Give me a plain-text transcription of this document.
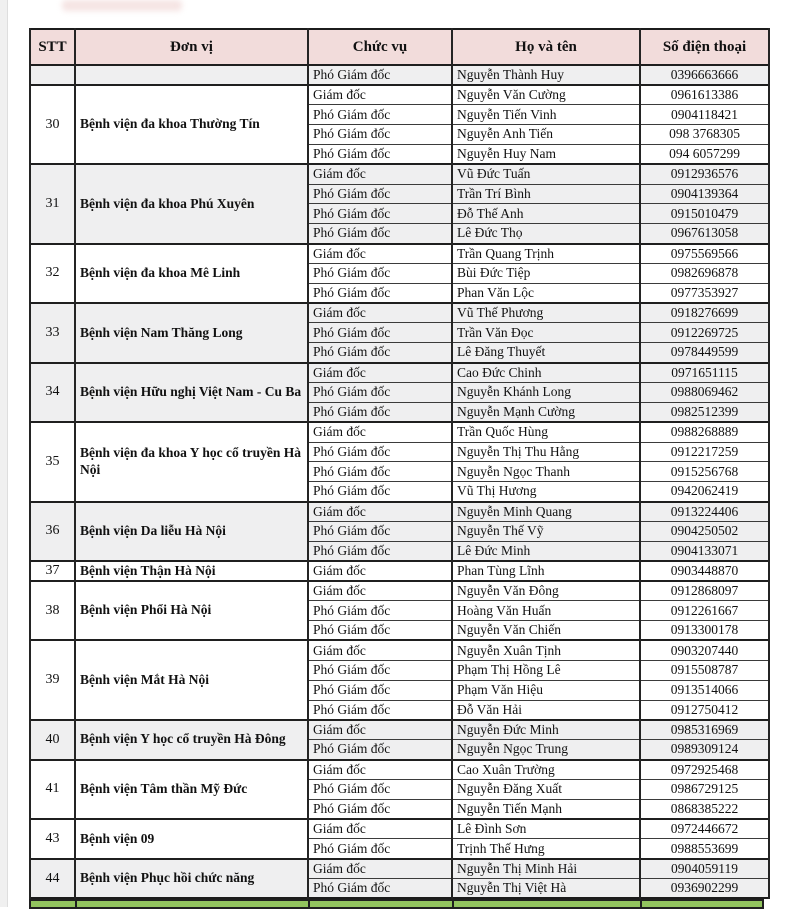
STT	Đơn vị	Chức vụ	Họ và tên	Số điện thoại
		Phó Giám đốc	Nguyễn Thành Huy	0396663666
30	Bệnh viện đa khoa Thường Tín	Giám đốc	Nguyễn Văn Cường	0961613386
		Phó Giám đốc	Nguyễn Tiến Vinh	0904118421
		Phó Giám đốc	Nguyễn Anh Tiến	098 3768305
		Phó Giám đốc	Nguyễn Huy Nam	094 6057299
31	Bệnh viện đa khoa Phú Xuyên	Giám đốc	Vũ Đức Tuấn	0912936576
		Phó Giám đốc	Trần Trí Bình	0904139364
		Phó Giám đốc	Đỗ Thế Anh	0915010479
		Phó Giám đốc	Lê Đức Thọ	0967613058
32	Bệnh viện đa khoa Mê Linh	Giám đốc	Trần Quang Trịnh	0975569566
		Phó Giám đốc	Bùi Đức Tiệp	0982696878
		Phó Giám đốc	Phan Văn Lộc	0977353927
33	Bệnh viện Nam Thăng Long	Giám đốc	Vũ Thế Phương	0918276699
		Phó Giám đốc	Trần Văn Đọc	0912269725
		Phó Giám đốc	Lê Đăng Thuyết	0978449599
34	Bệnh viện Hữu nghị Việt Nam - Cu Ba	Giám đốc	Cao Đức Chinh	0971651115
		Phó Giám đốc	Nguyễn Khánh Long	0988069462
		Phó Giám đốc	Nguyễn Mạnh Cường	0982512399
35	Bệnh viện đa khoa Y học cổ truyền Hà Nội	Giám đốc	Trần Quốc Hùng	0988268889
		Phó Giám đốc	Nguyễn Thị Thu Hằng	0912217259
		Phó Giám đốc	Nguyễn Ngọc Thanh	0915256768
		Phó Giám đốc	Vũ Thị Hương	0942062419
36	Bệnh viện Da liễu Hà Nội	Giám đốc	Nguyễn Minh Quang	0913224406
		Phó Giám đốc	Nguyễn Thế Vỹ	0904250502
		Phó Giám đốc	Lê Đức Minh	0904133071
37	Bệnh viện Thận Hà Nội	Giám đốc	Phan Tùng Lĩnh	0903448870
38	Bệnh viện Phổi Hà Nội	Giám đốc	Nguyễn Văn Đông	0912868097
		Phó Giám đốc	Hoàng Văn Huấn	0912261667
		Phó Giám đốc	Nguyễn Văn Chiến	0913300178
39	Bệnh viện Mắt Hà Nội	Giám đốc	Nguyễn Xuân Tịnh	0903207440
		Phó Giám đốc	Phạm Thị Hồng Lê	0915508787
		Phó Giám đốc	Phạm Văn Hiệu	0913514066
		Phó Giám đốc	Đỗ Văn Hải	0912750412
40	Bệnh viện Y học cổ truyền Hà Đông	Giám đốc	Nguyễn Đức Minh	0985316969
		Phó Giám đốc	Nguyễn Ngọc Trung	0989309124
41	Bệnh viện Tâm thần Mỹ Đức	Giám đốc	Cao Xuân Trường	0972925468
		Phó Giám đốc	Nguyễn Đăng Xuất	0986729125
		Phó Giám đốc	Nguyễn Tiến Mạnh	0868385222
43	Bệnh viện 09	Giám đốc	Lê Đình Sơn	0972446672
		Phó Giám đốc	Trịnh Thế Hưng	0988553699
44	Bệnh viện Phục hồi chức năng	Giám đốc	Nguyễn Thị Minh Hải	0904059119
		Phó Giám đốc	Nguyễn Thị Việt Hà	0936902299
